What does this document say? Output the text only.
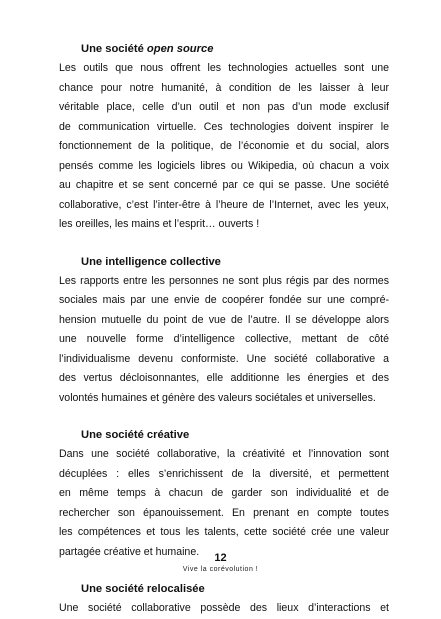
Une société open source

Les outils que nous offrent les technologies actuelles sont une
chance pour notre humanité, à condition de les laisser à leur
véritable place, celle d’un outil et non pas d’un mode exclusif
de communication virtuelle. Ces technologies doivent inspirer le
fonctionnement de la politique, de l’économie et du social, alors
pensés comme les logiciels libres ou Wikipedia, où chacun a voix
au chapitre et se sent concerné par ce qui se passe. Une société
collaborative, c’est l’inter-être à l’heure de l’Internet, avec les yeux,
les oreilles, les mains et l’esprit… ouverts !

Une intelligence collective

Les rapports entre les personnes ne sont plus régis par des normes
sociales mais par une envie de coopérer fondée sur une compré-
hension mutuelle du point de vue de l’autre. Il se développe alors
une nouvelle forme d’intelligence collective, mettant de côté
l’individualisme devenu conformiste. Une société collaborative a
des vertus décloisonnantes, elle additionne les énergies et des
volontés humaines et génère des valeurs sociétales et universelles.

Une société créative

Dans une société collaborative, la créativité et l’innovation sont
décuplées : elles s’enrichissent de la diversité, et permettent
en même temps à chacun de garder son individualité et de
rechercher son épanouissement. En prenant en compte toutes
les compétences et tous les talents, cette société crée une valeur
partagée créative et humaine.

Une société relocalisée

Une société collaborative possède des lieux d’interactions et

12
Vive la corévolution !
